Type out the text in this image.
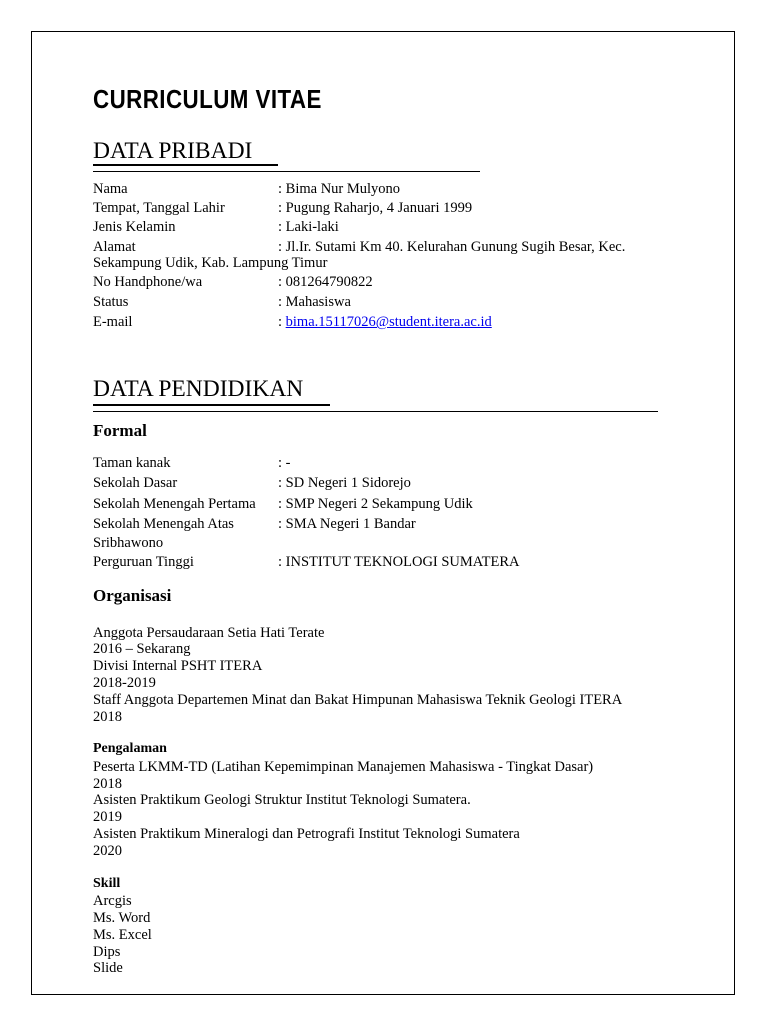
CURRICULUM VITAE
DATA PRIBADI
Nama	: Bima Nur Mulyono
Tempat, Tanggal Lahir	: Pugung Raharjo, 4 Januari 1999
Jenis Kelamin	: Laki-laki
Alamat	: Jl.Ir. Sutami Km 40. Kelurahan Gunung Sugih Besar, Kec.
Sekampung Udik, Kab. Lampung Timur
No Handphone/wa	: 081264790822
Status	: Mahasiswa
E-mail	: bima.15117026@student.itera.ac.id
DATA PENDIDIKAN
Formal
Taman kanak	: -
Sekolah Dasar	: SD Negeri 1 Sidorejo
Sekolah Menengah Pertama : SMP Negeri 2 Sekampung Udik
Sekolah Menengah Atas	: SMA Negeri 1 Bandar
Sribhawono
Perguruan Tinggi	: INSTITUT TEKNOLOGI SUMATERA
Organisasi
Anggota Persaudaraan Setia Hati Terate
2016 – Sekarang
Divisi Internal PSHT ITERA
2018-2019
Staff Anggota Departemen Minat dan Bakat Himpunan Mahasiswa Teknik Geologi ITERA
2018
Pengalaman
Peserta LKMM-TD (Latihan Kepemimpinan Manajemen Mahasiswa - Tingkat Dasar)
2018
Asisten Praktikum Geologi Struktur Institut Teknologi Sumatera.
2019
Asisten Praktikum Mineralogi dan Petrografi Institut Teknologi Sumatera
2020
Skill
Arcgis
Ms. Word
Ms. Excel
Dips
Slide
